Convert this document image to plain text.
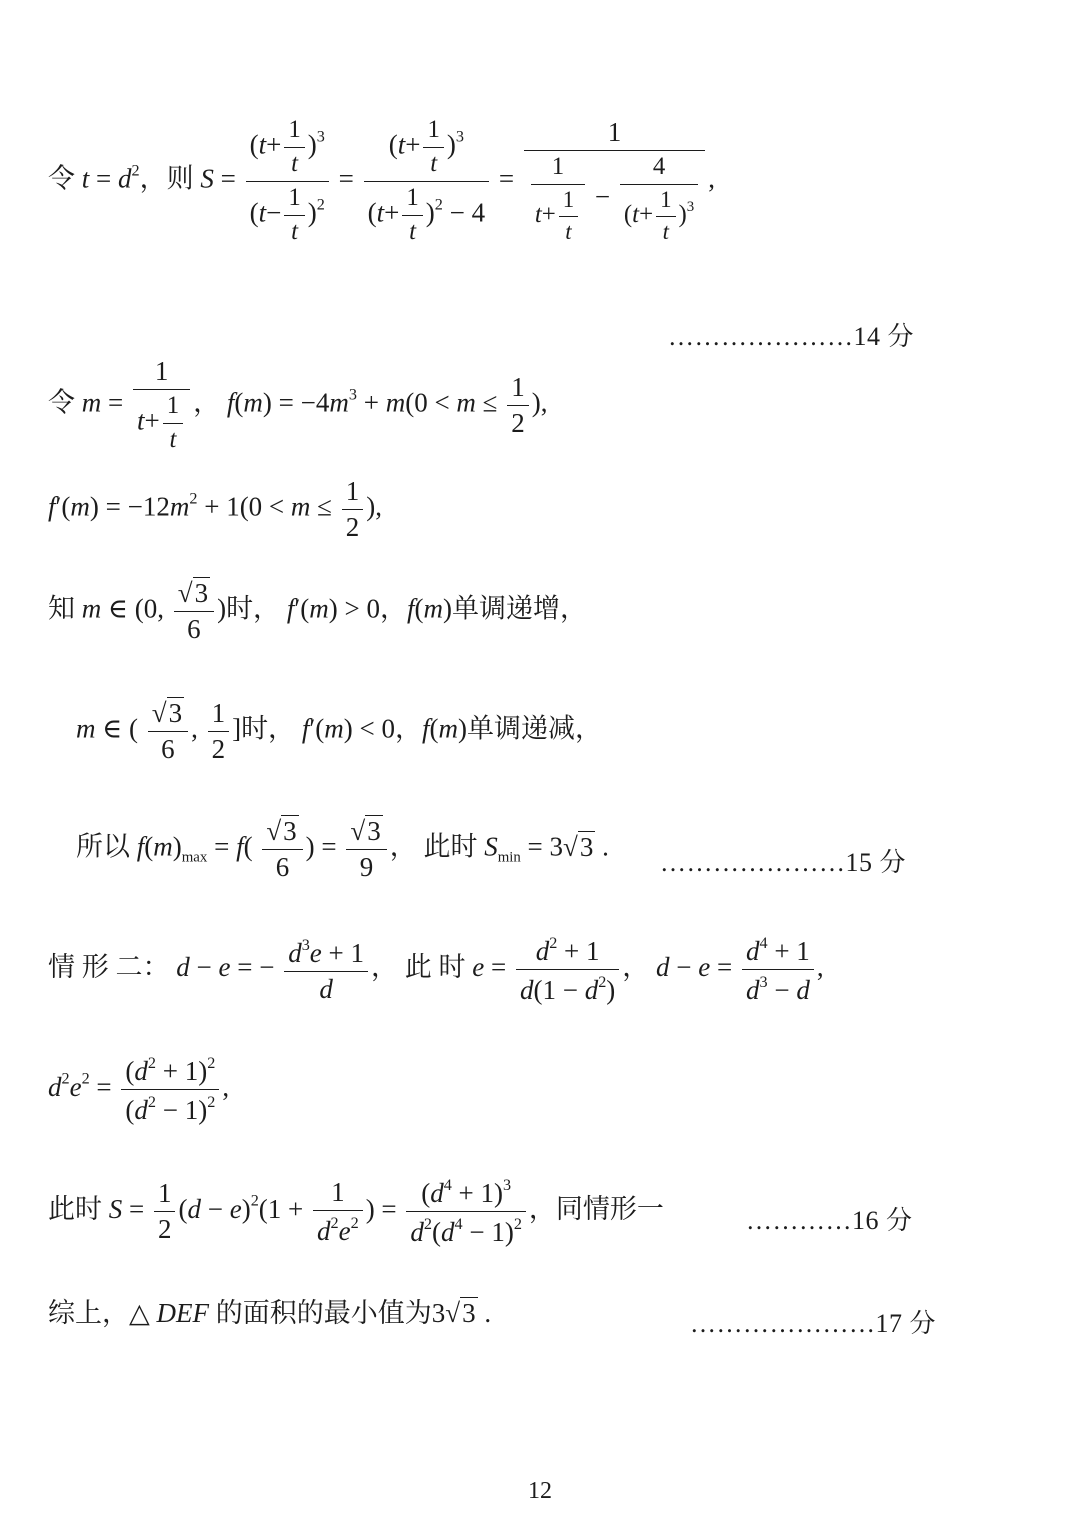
令 $t = d^2$，则 $S = \frac{(t+ \frac{1}{t} )^3}{(t- \frac{1}{t} )^2} = \frac{(t+ \frac{1}{t} )^3}{(t+ \frac{1}{t} )^2 - 4} = \frac{1}{\frac{1}{t+ \frac{1}{t}} - \frac{4}{(t+ \frac{1}{t} )^3}}$ ,
…………………14 分
令 $m = \frac{1}{t+ \frac{1}{t}}$ ， $f(m) = -4m^3 + m(0 < m \le \frac{1}{2}$ ),
$f'(m) = -12m^2 + 1(0 < m \le \frac{1}{2}$ ),
知 m ∈ (0, $\frac{√3}{6}$ )时， f′(m) > 0，f(m)单调递增，
m ∈ ( $\frac{√3}{6}$ , $\frac{1}{2}$ ]时， f′(m) < 0，f(m)单调递减，
所以 $f(m)_{max} = f( \frac{√3}{6}$ ) = $\frac{√3}{9}$ ， 此时 $S_{min} = 3√3$ .
…………………15 分
情 形 二： d − e = − $\frac{d^3e + 1}{d}$ ， 此 时 $e = \frac{d^2 + 1}{d(1 - d^2)}$ ， $d - e = \frac{d^4 + 1}{d^3 - d}$ ,
$d^2e^2 = \frac{(d^2 + 1)^2}{(d^2 - 1)^2}$ ,
此时 $S = \frac{1}{2} (d - e)^2(1 + \frac{1}{d^2e^2}$ ) = $\frac{(d^4 + 1)^3}{d^2(d^4 - 1)^2}$ ，同情形一	…………16 分
综上，△ DEF 的面积的最小值为3√3 .	…………………17 分
12
